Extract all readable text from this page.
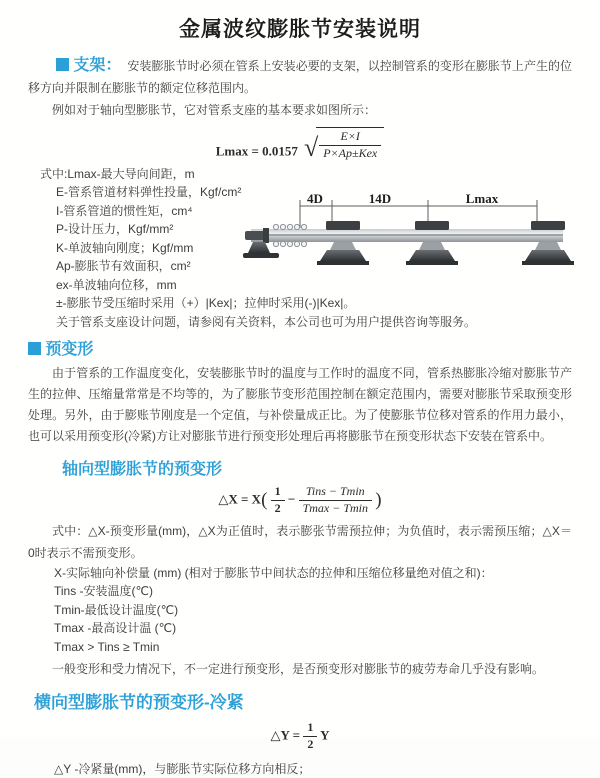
金属波纹膨胀节安装说明

支架： 安装膨胀节时必须在管系上安装必要的支架，以控制管系的变形在膨胀节上产生的位移方向并限制在膨胀节的额定位移范围内。

例如对于轴向型膨胀节，它对管系支座的基本要求如图所示：

Lmax = 0.0157 √ $\frac{E\times I}{\text{P×Ap±Kex}}$
式中:Lmax-最大导向间距，m
E-管系管道材料弹性投量，Kgf/cm²
I-管系管道的惯性矩，cm⁴
P-设计压力，Kgf/mm²
K-单波轴向刚度；Kgf/mm
Ap-膨胀节有效面积，cm²
ex-单波轴向位移，mm
±-膨胀节受压缩时采用（+）|Kex|；拉伸时采用(-)|Kex|。
关于管系支座设计问题，请参阅有关资料，本公司也可为用户提供咨询等服务。
4D	14D	Lmax

预变形

由于管系的工作温度变化，安装膨胀节时的温度与工作时的温度不同，管系热膨胀冷缩对膨胀节产生的拉伸、压缩量常常是不均等的，为了膨胀节变形范围控制在额定范围内，需要对膨胀节采取预变形处理。另外，由于膨账节刚度是一个定值，与补偿量成正比。为了使膨胀节位移对管系的作用力最小，也可以采用预变形(冷紧)方让对膨胀节进行预变形处理后再将膨胀节在预变形状态下安装在管系中。

轴向型膨胀节的预变形
△X = $X( \frac{1}{2} - \frac{\text{Tins − Tmin}}{Tmax - Tmin}$ )

式中：△X-预变形量(mm)，△X为正值时，表示膨张节需预拉伸；为负值时，表示需预压缩；△X＝0时表示不需预变形。

X-实际轴向补偿量 (mm) (相对于膨胀节中间状态的拉伸和压缩位移量绝对值之和)：
Tins -安装温度(℃)
Tmin-最低设计温度(℃)
Tmax -最高设计温 (℃)
Tmax > Tins ≥ Tmin

一般变形和受力情况下，不一定进行预变形，是否预变形对膨胀节的疲劳寿命几乎没有影响。

横向型膨胀节的预变形-冷紧
△Y = $\frac{1}{2}$ Y
△Y -冷紧量(mm)，与膨胀节实际位移方向相反；
